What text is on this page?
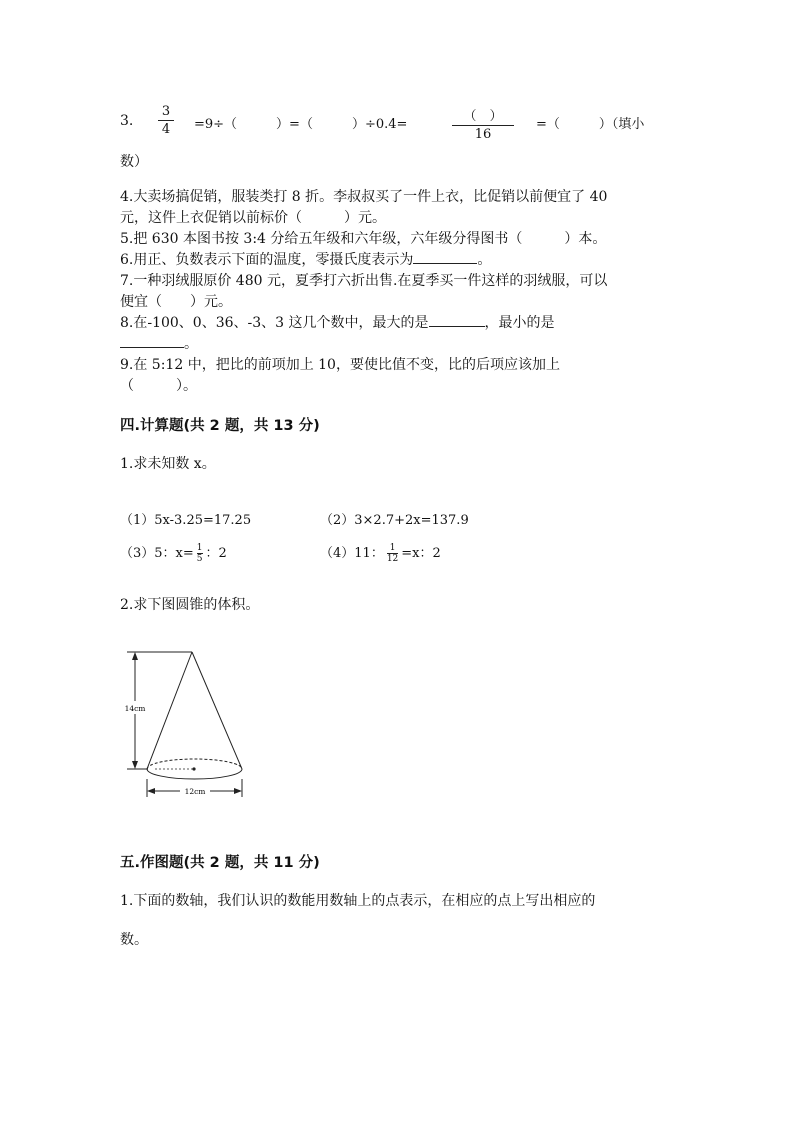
3.
3
4 =9÷（　　　）=（　　　）÷0.4=
（　）
16
=（　　　）（填小
数）
4.大卖场搞促销，服装类打 8 折。李叔叔买了一件上衣，比促销以前便宜了 40
元，这件上衣促销以前标价（　　　）元。
5.把 630 本图书按 3:4 分给五年级和六年级，六年级分得图书（　　　）本。
6.用正、负数表示下面的温度，零摄氏度表示为	。
7.一种羽绒服原价 480 元，夏季打六折出售.在夏季买一件这样的羽绒服，可以
便宜（　　）元。
8.在-100、0、36、-3、3 这几个数中，最大的是	，最小的是
。
9.在 5:12 中，把比的前项加上 10，要使比值不变，比的后项应该加上
（　　　）。
四.计算题(共 2 题，共 13 分)
1.求未知数 x。
（1）5x-3.25=17.25	（2）3×2.7+2x=137.9
（3）5：$x= \frac{1}{5}$ ：2	（4）11： $\frac{1}{12} =x$：2
2.求下图圆锥的体积。
14cm
12cm
五.作图题(共 2 题，共 11 分)
1.下面的数轴，我们认识的数能用数轴上的点表示，在相应的点上写出相应的
数。
